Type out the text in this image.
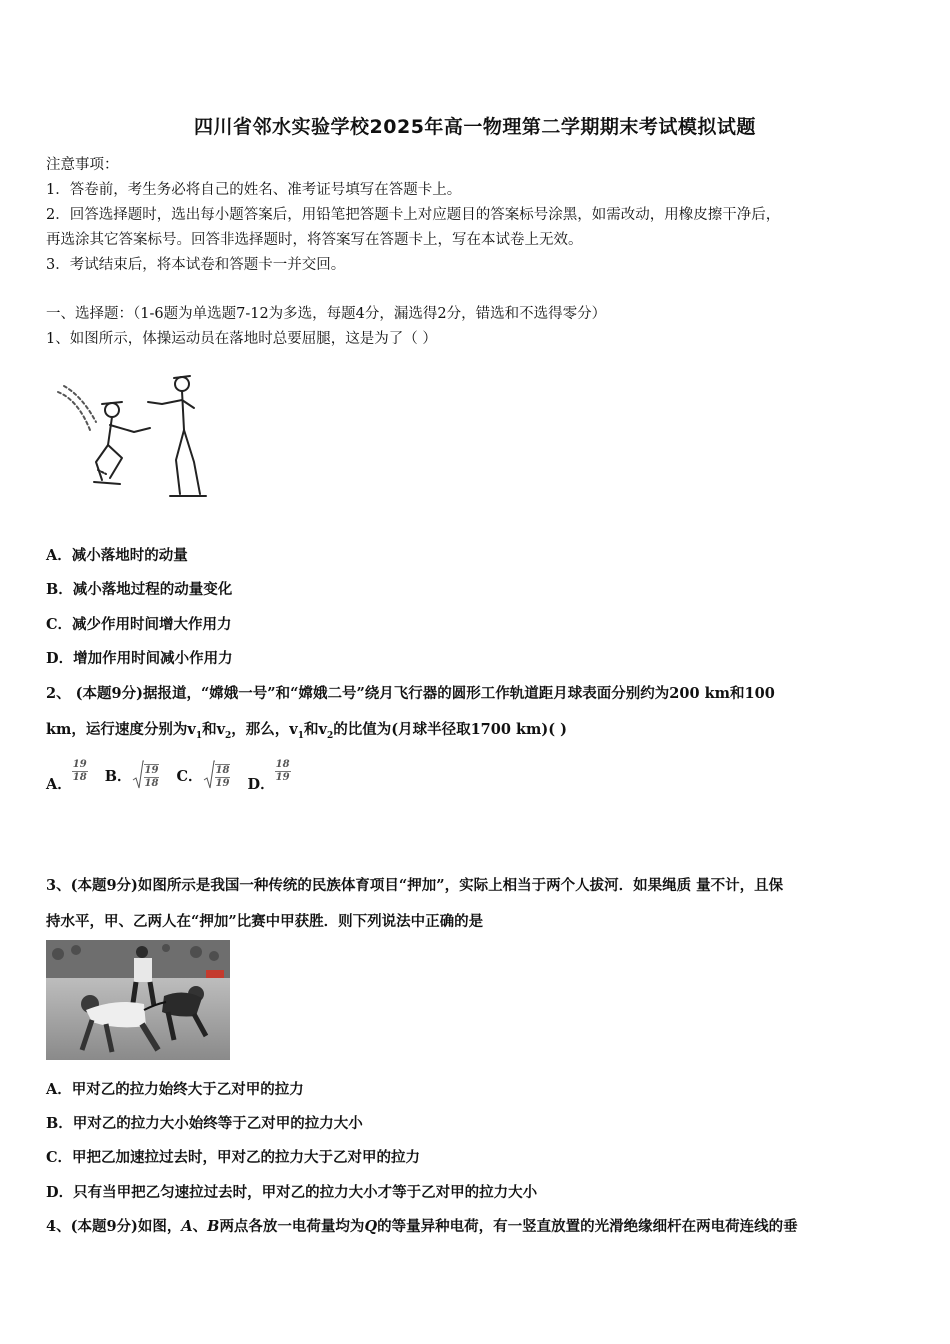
四川省邻水实验学校2025年高一物理第二学期期末考试模拟试题
注意事项：
1．答卷前，考生务必将自己的姓名、准考证号填写在答题卡上。
2．回答选择题时，选出每小题答案后，用铅笔把答题卡上对应题目的答案标号涂黑，如需改动，用橡皮擦干净后，
再选涂其它答案标号。回答非选择题时，将答案写在答题卡上，写在本试卷上无效。
3．考试结束后，将本试卷和答题卡一并交回。
一、选择题：（1-6题为单选题7-12为多选，每题4分，漏选得2分，错选和不选得零分）
1、如图所示，体操运动员在落地时总要屈腿，这是为了（ ）
A．减小落地时的动量
B．减小落地过程的动量变化
C．减少作用时间增大作用力
D．增加作用时间减小作用力
2、 (本题9分)据报道，“嫦娥一号”和“嫦娥二号”绕月飞行器的圆形工作轨道距月球表面分别约为200 km和100
km，运行速度分别为$v_1$和$v_2$，那么，$v_1$和$v_2$的比值为(月球半径取1700 km)( )
A．
$\frac{19}{18}$ B． $\frac{19}{18}$ C． $\frac{18}{19}$ D．
$\frac{18}{19}$
3、(本题9分)如图所示是我国一种传统的民族体育项目“押加”，实际上相当于两个人拔河．如果绳质 量不计，且保
持水平，甲、乙两人在“押加”比赛中甲获胜．则下列说法中正确的是
A．甲对乙的拉力始终大于乙对甲的拉力
B．甲对乙的拉力大小始终等于乙对甲的拉力大小
C．甲把乙加速拉过去时，甲对乙的拉力大于乙对甲的拉力
D．只有当甲把乙匀速拉过去时，甲对乙的拉力大小才等于乙对甲的拉力大小
4、(本题9分)如图，A、B两点各放一电荷量均为Q的等量异种电荷，有一竖直放置的光滑绝缘细杆在两电荷连线的垂
